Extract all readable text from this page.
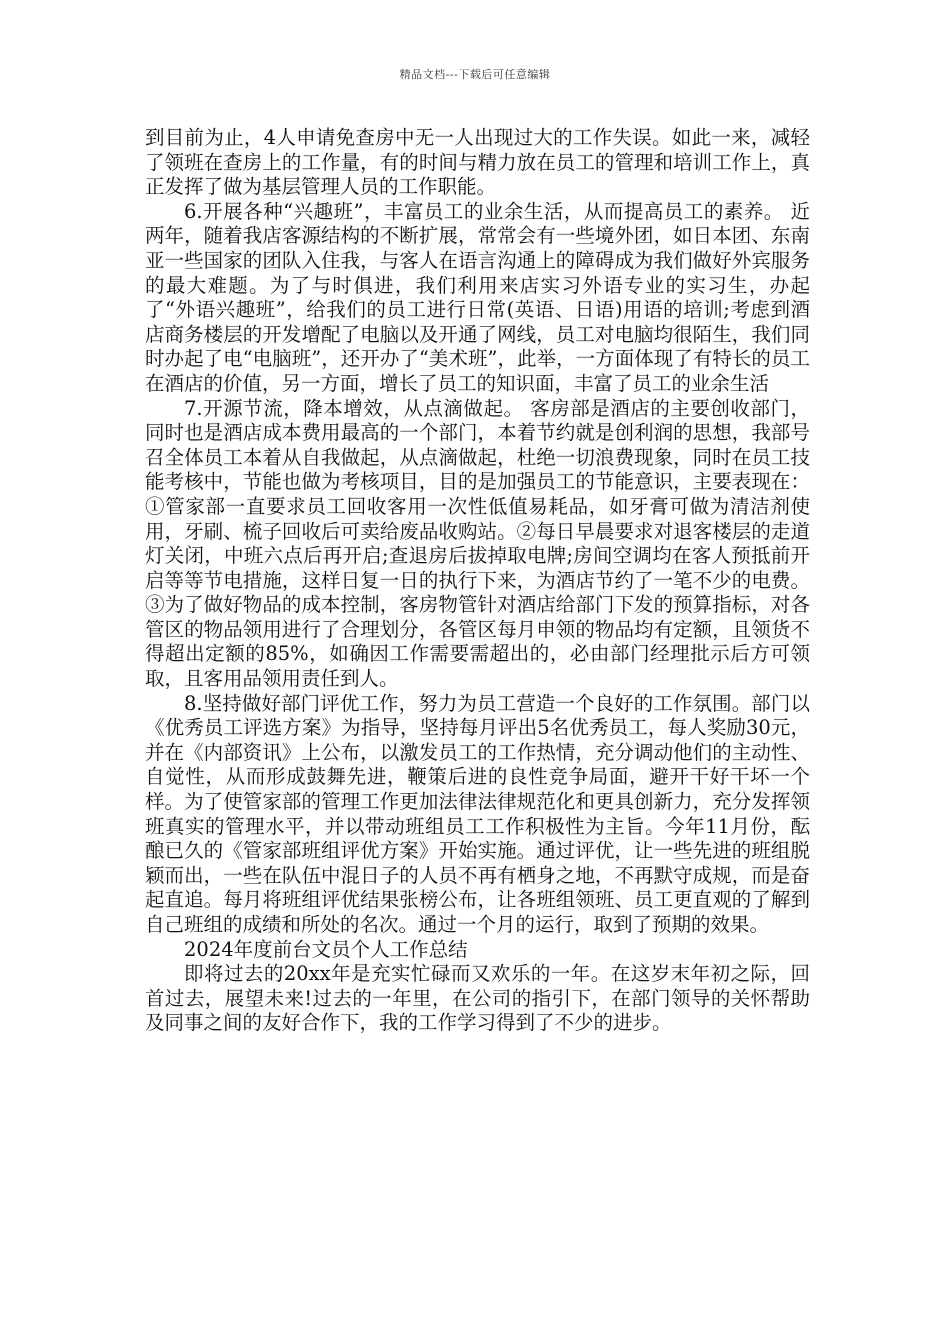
精品文档---下载后可任意编辑

到目前为止，4人申请免查房中无一人出现过大的工作失误。如此一来，减轻了领班在查房上的工作量，有的时间与精力放在员工的管理和培训工作上，真正发挥了做为基层管理人员的工作职能。

6.开展各种“兴趣班”，丰富员工的业余生活，从而提高员工的素养。 近两年，随着我店客源结构的不断扩展，常常会有一些境外团，如日本团、东南亚一些国家的团队入住我，与客人在语言沟通上的障碍成为我们做好外宾服务的最大难题。为了与时俱进，我们利用来店实习外语专业的实习生，办起了“外语兴趣班”，给我们的员工进行日常(英语、日语)用语的培训;考虑到酒店商务楼层的开发增配了电脑以及开通了网线，员工对电脑均很陌生，我们同时办起了电“电脑班”，还开办了“美术班”，此举，一方面体现了有特长的员工在酒店的价值，另一方面，增长了员工的知识面，丰富了员工的业余生活

7.开源节流，降本增效，从点滴做起。 客房部是酒店的主要创收部门，同时也是酒店成本费用最高的一个部门，本着节约就是创利润的思想，我部号召全体员工本着从自我做起，从点滴做起，杜绝一切浪费现象，同时在员工技能考核中，节能也做为考核项目，目的是加强员工的节能意识，主要表现在： ①管家部一直要求员工回收客用一次性低值易耗品，如牙膏可做为清洁剂使用，牙刷、梳子回收后可卖给废品收购站。②每日早晨要求对退客楼层的走道灯关闭，中班六点后再开启;查退房后拔掉取电牌;房间空调均在客人预抵前开启等等节电措施，这样日复一日的执行下来，为酒店节约了一笔不少的电费。③为了做好物品的成本控制，客房物管针对酒店给部门下发的预算指标，对各管区的物品领用进行了合理划分，各管区每月申领的物品均有定额，且领货不得超出定额的85%，如确因工作需要需超出的，必由部门经理批示后方可领取，且客用品领用责任到人。

8.坚持做好部门评优工作，努力为员工营造一个良好的工作氛围。部门以《优秀员工评选方案》为指导，坚持每月评出5名优秀员工，每人奖励30元，并在《内部资讯》上公布，以激发员工的工作热情，充分调动他们的主动性、自觉性，从而形成鼓舞先进，鞭策后进的良性竞争局面，避开干好干坏一个样。为了使管家部的管理工作更加法律法律规范化和更具创新力，充分发挥领班真实的管理水平，并以带动班组员工工作积极性为主旨。今年11月份，酝酿已久的《管家部班组评优方案》开始实施。通过评优，让一些先进的班组脱颖而出，一些在队伍中混日子的人员不再有栖身之地，不再默守成规，而是奋起直追。每月将班组评优结果张榜公布，让各班组领班、员工更直观的了解到自己班组的成绩和所处的名次。通过一个月的运行，取到了预期的效果。

2024年度前台文员个人工作总结

即将过去的20xx年是充实忙碌而又欢乐的一年。在这岁末年初之际，回首过去，展望未来!过去的一年里，在公司的指引下，在部门领导的关怀帮助及同事之间的友好合作下，我的工作学习得到了不少的进步。
